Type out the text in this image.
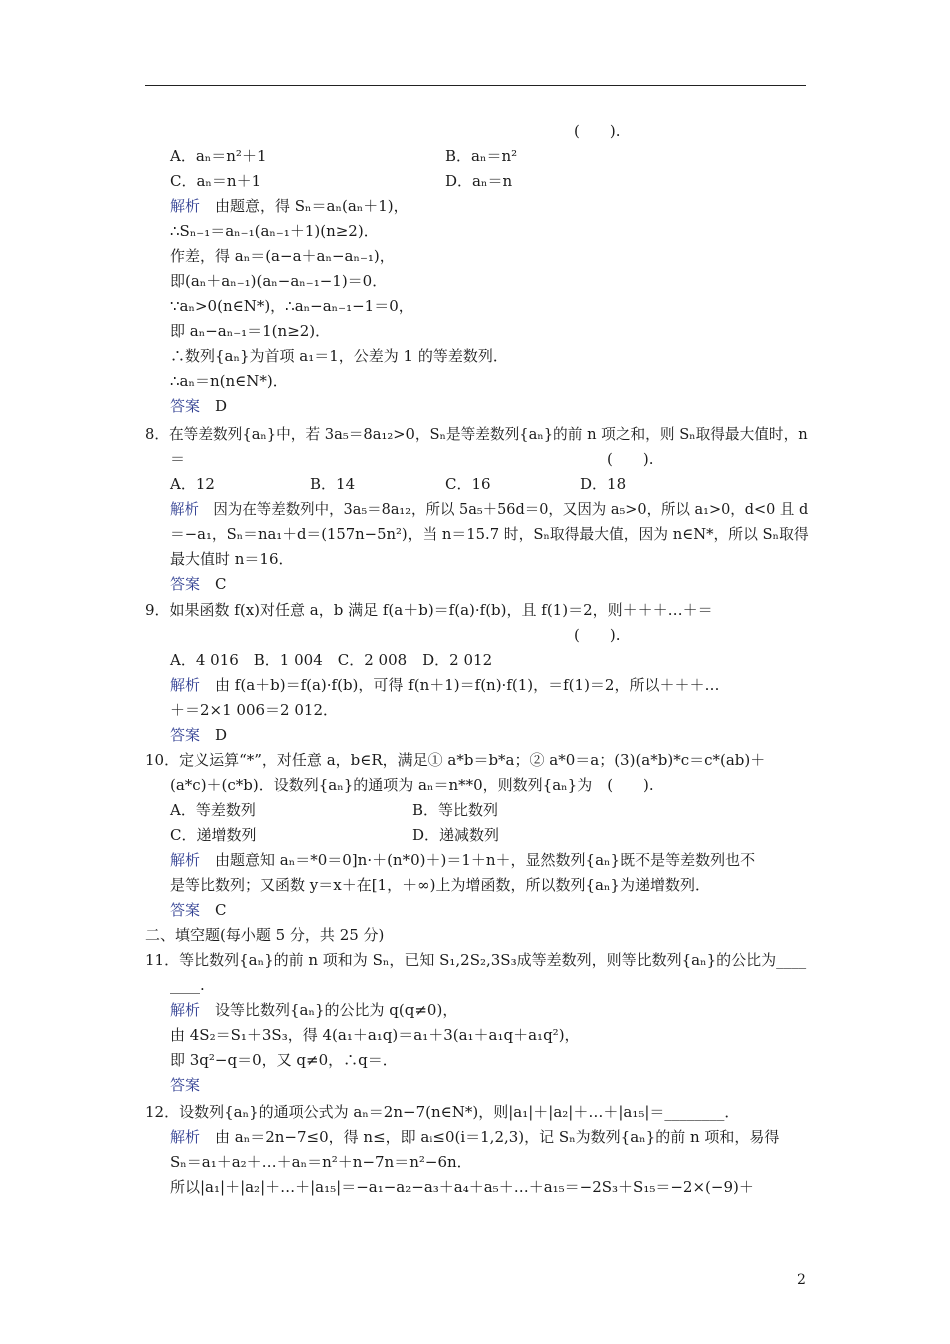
(　　).
A．aₙ＝n²＋1	B．aₙ＝n²
C．aₙ＝n＋1	D．aₙ＝n
解析　由题意，得 Sₙ＝aₙ(aₙ＋1)，
∴Sₙ₋₁＝aₙ₋₁(aₙ₋₁＋1)(n≥2)．
作差，得 aₙ＝(a−a＋aₙ−aₙ₋₁)，
即(aₙ＋aₙ₋₁)(aₙ−aₙ₋₁−1)＝0．
∵aₙ>0(n∈N*)，∴aₙ−aₙ₋₁−1＝0，
即 aₙ−aₙ₋₁＝1(n≥2)．
∴数列{aₙ}为首项 a₁＝1，公差为 1 的等差数列．
∴aₙ＝n(n∈N*)．
答案　D
8．在等差数列{aₙ}中，若 3a₅＝8a₁₂>0，Sₙ是等差数列{aₙ}的前 n 项之和，则 Sₙ取得最大值时，n
＝	(　　).
A．12	B．14	C．16	D．18
解析　因为在等差数列中，3a₅＝8a₁₂，所以 5a₅＋56d＝0，又因为 a₅>0，所以 a₁>0，d<0 且 d
＝−a₁，Sₙ＝na₁＋d＝(157n−5n²)，当 n＝15.7 时，Sₙ取得最大值，因为 n∈N*，所以 Sₙ取得
最大值时 n＝16．
答案　C
9．如果函数 f(x)对任意 a，b 满足 f(a＋b)＝f(a)·f(b)，且 f(1)＝2，则＋＋＋…＋＝
(　　).
A．4 016　B．1 004　C．2 008　D．2 012
解析　由 f(a＋b)＝f(a)·f(b)，可得 f(n＋1)＝f(n)·f(1)，＝f(1)＝2，所以＋＋＋…
＋＝2×1 006＝2 012．
答案　D
10．定义运算“*”，对任意 a，b∈R，满足① a*b＝b*a；② a*0＝a；(3)(a*b)*c＝c*(ab)＋
(a*c)＋(c*b)．设数列{aₙ}的通项为 aₙ＝n**0，则数列{aₙ}为　(　　).
A．等差数列	B．等比数列
C．递增数列	D．递减数列
解析　由题意知 aₙ＝*0＝0]n·＋(n*0)＋)＝1＋n＋，显然数列{aₙ}既不是等差数列也不
是等比数列；又函数 y＝x＋在[1，＋∞)上为增函数，所以数列{aₙ}为递增数列．
答案　C
二、填空题(每小题 5 分，共 25 分)
11．等比数列{aₙ}的前 n 项和为 Sₙ，已知 S₁,2S₂,3S₃成等差数列，则等比数列{aₙ}的公比为____
____.
解析　设等比数列{aₙ}的公比为 q(q≠0)，
由 4S₂＝S₁＋3S₃，得 4(a₁＋a₁q)＝a₁＋3(a₁＋a₁q＋a₁q²)，
即 3q²−q＝0，又 q≠0，∴q＝．
答案
12．设数列{aₙ}的通项公式为 aₙ＝2n−7(n∈N*)，则|a₁|＋|a₂|＋…＋|a₁₅|＝________．
解析　由 aₙ＝2n−7≤0，得 n≤，即 aᵢ≤0(i＝1,2,3)，记 Sₙ为数列{aₙ}的前 n 项和，易得
Sₙ＝a₁＋a₂＋…＋aₙ＝n²＋n−7n＝n²−6n．
所以|a₁|＋|a₂|＋…＋|a₁₅|＝−a₁−a₂−a₃＋a₄＋a₅＋…＋a₁₅＝−2S₃＋S₁₅＝−2×(−9)＋
2
